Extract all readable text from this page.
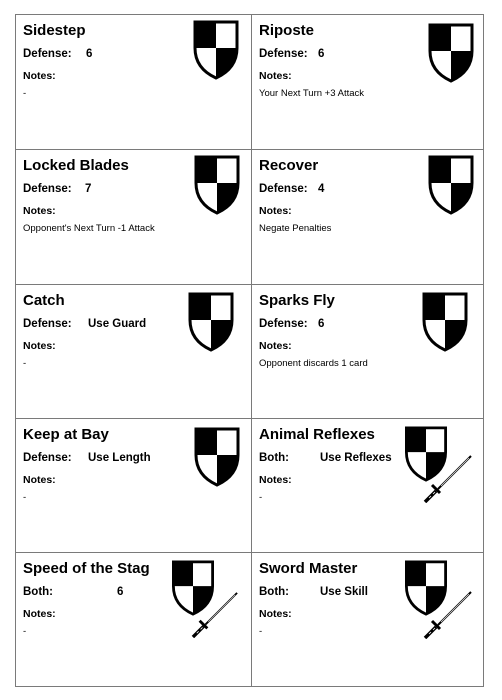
Sidestep
Defense: 6
Notes:
-
Riposte
Defense: 6
Notes:
Your Next Turn +3 Attack
Locked Blades
Defense: 7
Notes:
Opponent's Next Turn -1 Attack
Recover
Defense: 4
Notes:
Negate Penalties
Catch
Defense: Use Guard
Notes:
-
Sparks Fly
Defense: 6
Notes:
Opponent discards 1 card
Keep at Bay
Defense: Use Length
Notes:
-
Animal Reflexes
Both:	Use Reflexes
Notes:
-
Speed of the Stag
Both:	6
Notes:
-
Sword Master
Both:	Use Skill
Notes:
-
